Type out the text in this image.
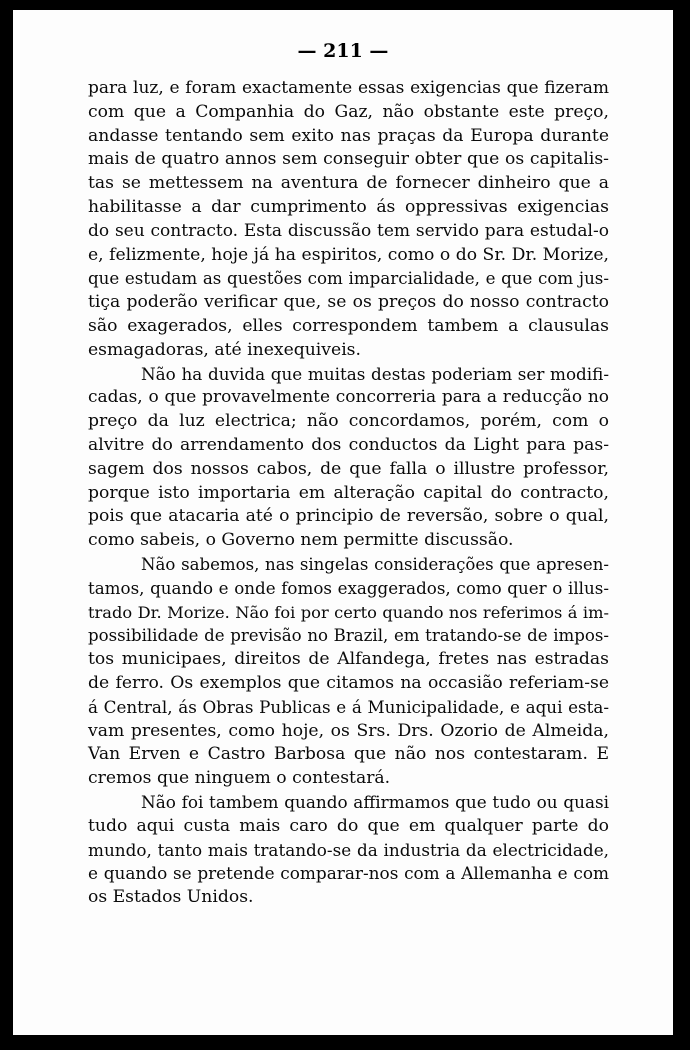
— 211 —
para luz, e foram exactamente essas exigencias que fizeram
com que a Companhia do Gaz, não obstante este preço,
andasse tentando sem exito nas praças da Europa durante
mais de quatro annos sem conseguir obter que os capitalis-
tas se mettessem na aventura de fornecer dinheiro que a
habilitasse a dar cumprimento ás oppressivas exigencias
do seu contracto. Esta discussão tem servido para estudal-o
e, felizmente, hoje já ha espiritos, como o do Sr. Dr. Morize,
que estudam as questões com imparcialidade, e que com jus-
tiça poderão verificar que, se os preços do nosso contracto
são exagerados, elles correspondem tambem a clausulas
esmagadoras, até inexequiveis.
Não ha duvida que muitas destas poderiam ser modifi-
cadas, o que provavelmente concorreria para a reducção no
preço da luz electrica; não concordamos, porém, com o
alvitre do arrendamento dos conductos da Light para pas-
sagem dos nossos cabos, de que falla o illustre professor,
porque isto importaria em alteração capital do contracto,
pois que atacaria até o principio de reversão, sobre o qual,
como sabeis, o Governo nem permitte discussão.
Não sabemos, nas singelas considerações que apresen-
tamos, quando e onde fomos exaggerados, como quer o illus-
trado Dr. Morize. Não foi por certo quando nos referimos á im-
possibilidade de previsão no Brazil, em tratando-se de impos-
tos municipaes, direitos de Alfandega, fretes nas estradas
de ferro. Os exemplos que citamos na occasião referiam-se
á Central, ás Obras Publicas e á Municipalidade, e aqui esta-
vam presentes, como hoje, os Srs. Drs. Ozorio de Almeida,
Van Erven e Castro Barbosa que não nos contestaram. E
cremos que ninguem o contestará.
Não foi tambem quando affirmamos que tudo ou quasi
tudo aqui custa mais caro do que em qualquer parte do
mundo, tanto mais tratando-se da industria da electricidade,
e quando se pretende comparar-nos com a Allemanha e com
os Estados Unidos.
